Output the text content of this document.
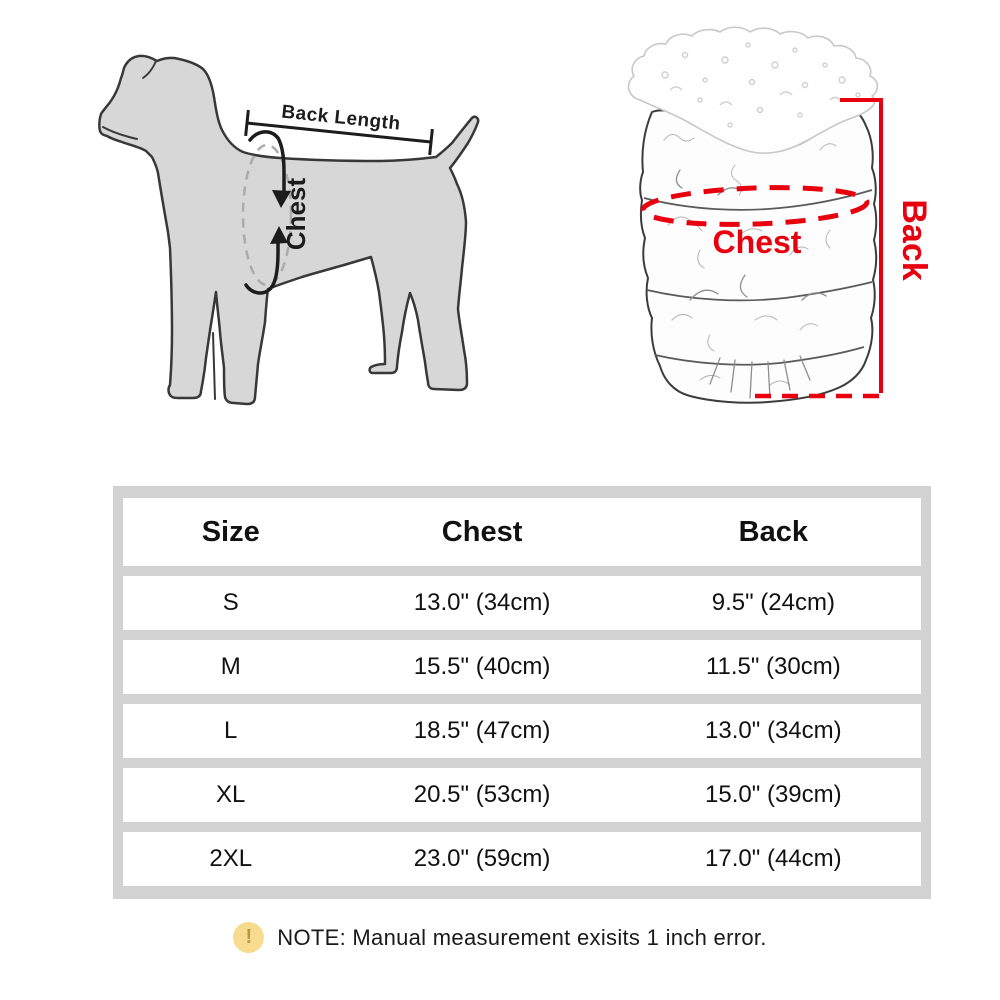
Chest
Back Length
Chest	Back
Size	Chest	Back
S	13.0" (34cm)	9.5" (24cm)
M	15.5" (40cm)	11.5" (30cm)
L	18.5" (47cm)	13.0" (34cm)
XL	20.5" (53cm)	15.0" (39cm)
2XL	23.0" (59cm)	17.0" (44cm)
!	NOTE: Manual measurement exisits 1 inch error.
